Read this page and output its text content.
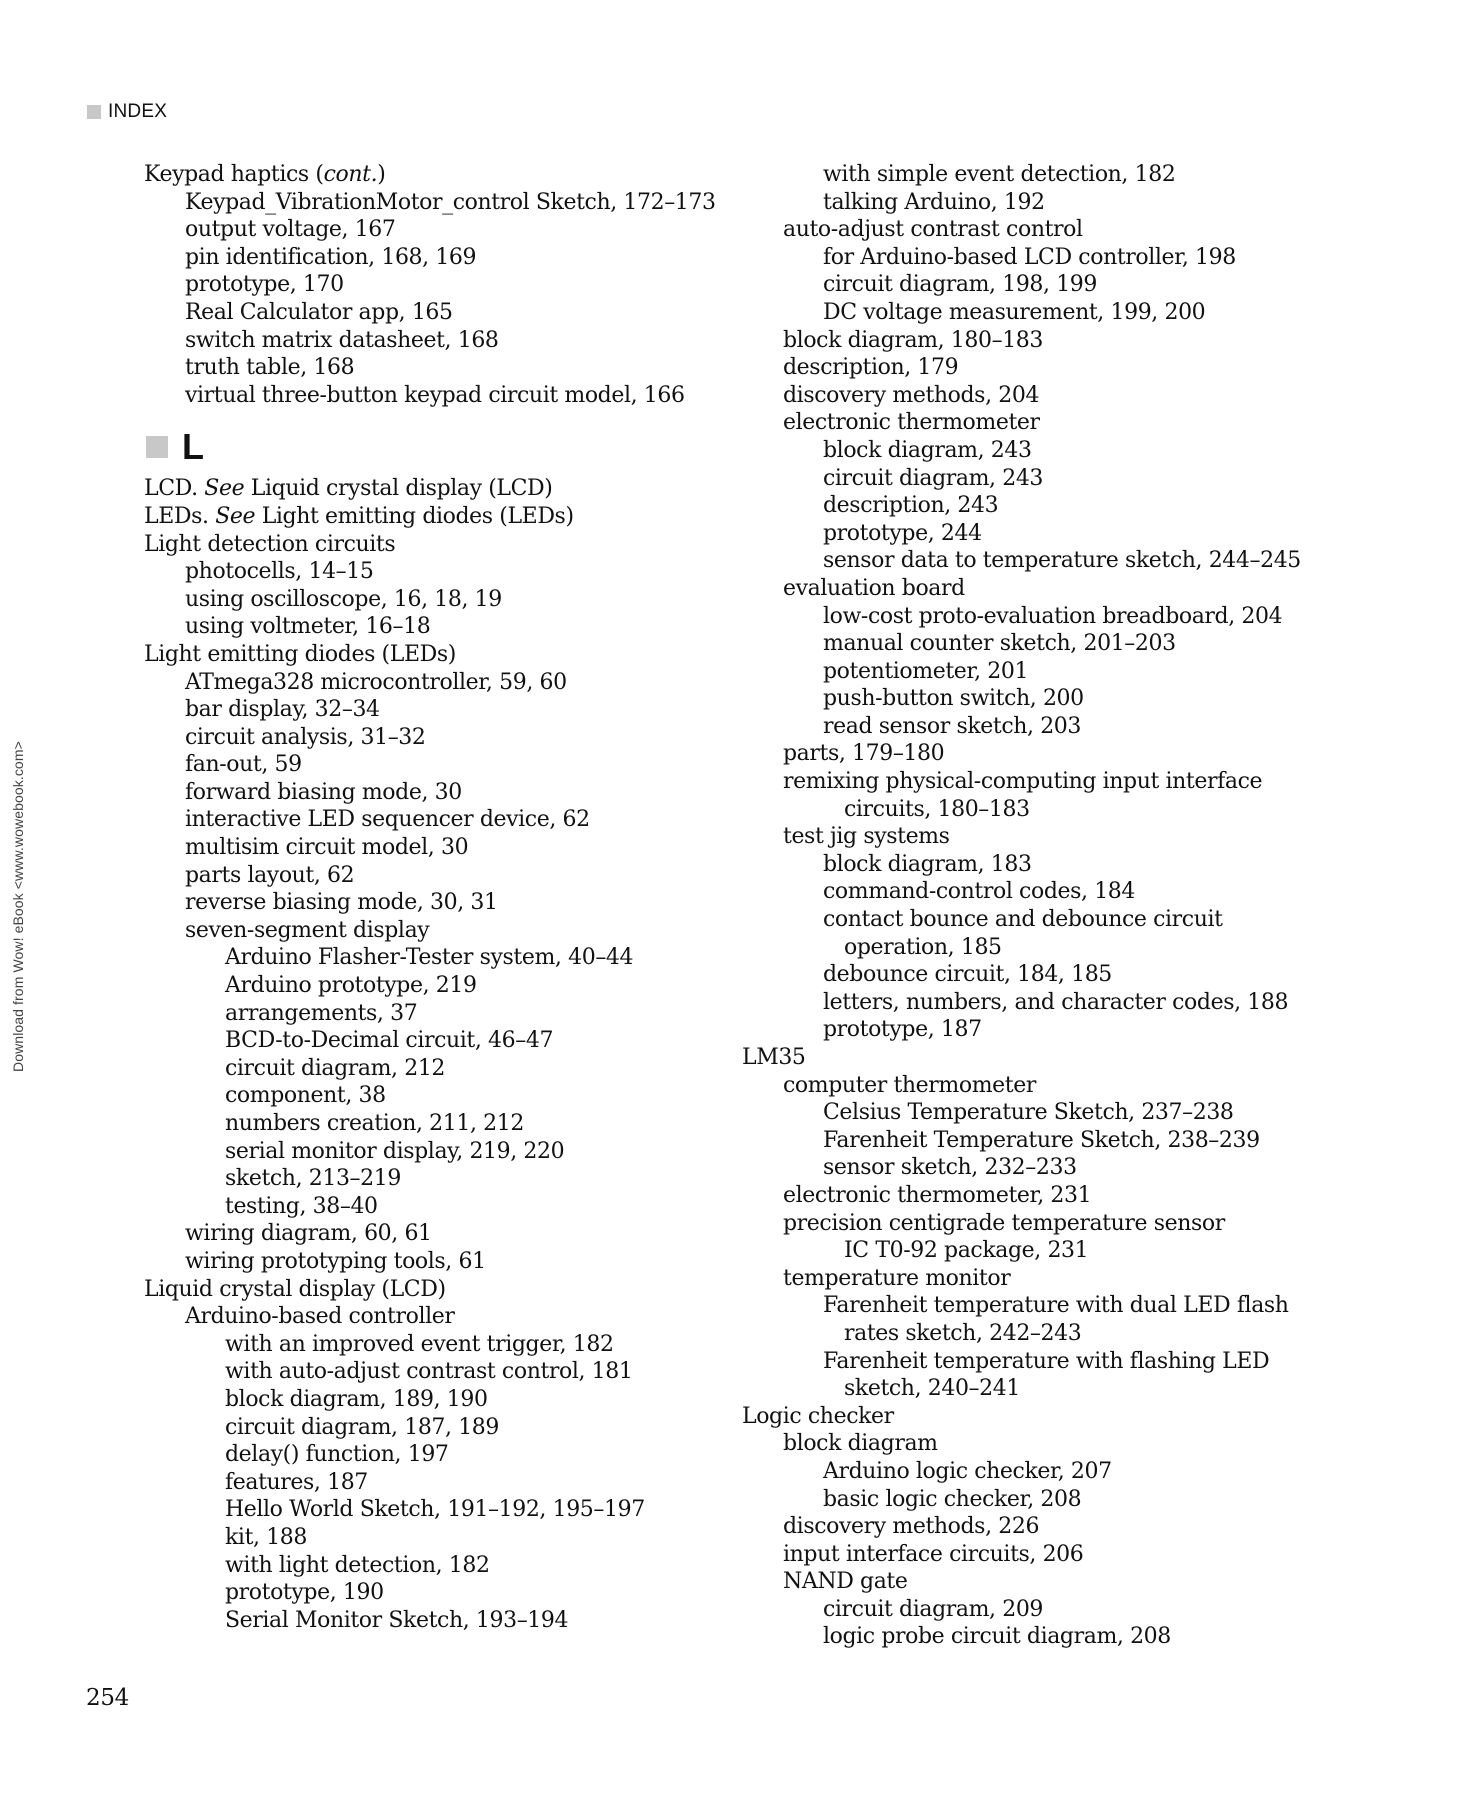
INDEX
Download from Wow! eBook <www.wowebook.com>
Keypad haptics (cont.)
Keypad_VibrationMotor_control Sketch, 172–173
output voltage, 167
pin identification, 168, 169
prototype, 170
Real Calculator app, 165
switch matrix datasheet, 168
truth table, 168
virtual three-button keypad circuit model, 166
L
LCD. See Liquid crystal display (LCD)
LEDs. See Light emitting diodes (LEDs)
Light detection circuits
photocells, 14–15
using oscilloscope, 16, 18, 19
using voltmeter, 16–18
Light emitting diodes (LEDs)
ATmega328 microcontroller, 59, 60
bar display, 32–34
circuit analysis, 31–32
fan-out, 59
forward biasing mode, 30
interactive LED sequencer device, 62
multisim circuit model, 30
parts layout, 62
reverse biasing mode, 30, 31
seven-segment display
Arduino Flasher-Tester system, 40–44
Arduino prototype, 219
arrangements, 37
BCD-to-Decimal circuit, 46–47
circuit diagram, 212
component, 38
numbers creation, 211, 212
serial monitor display, 219, 220
sketch, 213–219
testing, 38–40
wiring diagram, 60, 61
wiring prototyping tools, 61
Liquid crystal display (LCD)
Arduino-based controller
with an improved event trigger, 182
with auto-adjust contrast control, 181
block diagram, 189, 190
circuit diagram, 187, 189
delay() function, 197
features, 187
Hello World Sketch, 191–192, 195–197
kit, 188
with light detection, 182
prototype, 190
Serial Monitor Sketch, 193–194
with simple event detection, 182
talking Arduino, 192
auto-adjust contrast control
for Arduino-based LCD controller, 198
circuit diagram, 198, 199
DC voltage measurement, 199, 200
block diagram, 180–183
description, 179
discovery methods, 204
electronic thermometer
block diagram, 243
circuit diagram, 243
description, 243
prototype, 244
sensor data to temperature sketch, 244–245
evaluation board
low-cost proto-evaluation breadboard, 204
manual counter sketch, 201–203
potentiometer, 201
push-button switch, 200
read sensor sketch, 203
parts, 179–180
remixing physical-computing input interface
circuits, 180–183
test jig systems
block diagram, 183
command-control codes, 184
contact bounce and debounce circuit
operation, 185
debounce circuit, 184, 185
letters, numbers, and character codes, 188
prototype, 187
LM35
computer thermometer
Celsius Temperature Sketch, 237–238
Farenheit Temperature Sketch, 238–239
sensor sketch, 232–233
electronic thermometer, 231
precision centigrade temperature sensor
IC T0-92 package, 231
temperature monitor
Farenheit temperature with dual LED flash
rates sketch, 242–243
Farenheit temperature with flashing LED
sketch, 240–241
Logic checker
block diagram
Arduino logic checker, 207
basic logic checker, 208
discovery methods, 226
input interface circuits, 206
NAND gate
circuit diagram, 209
logic probe circuit diagram, 208
254
